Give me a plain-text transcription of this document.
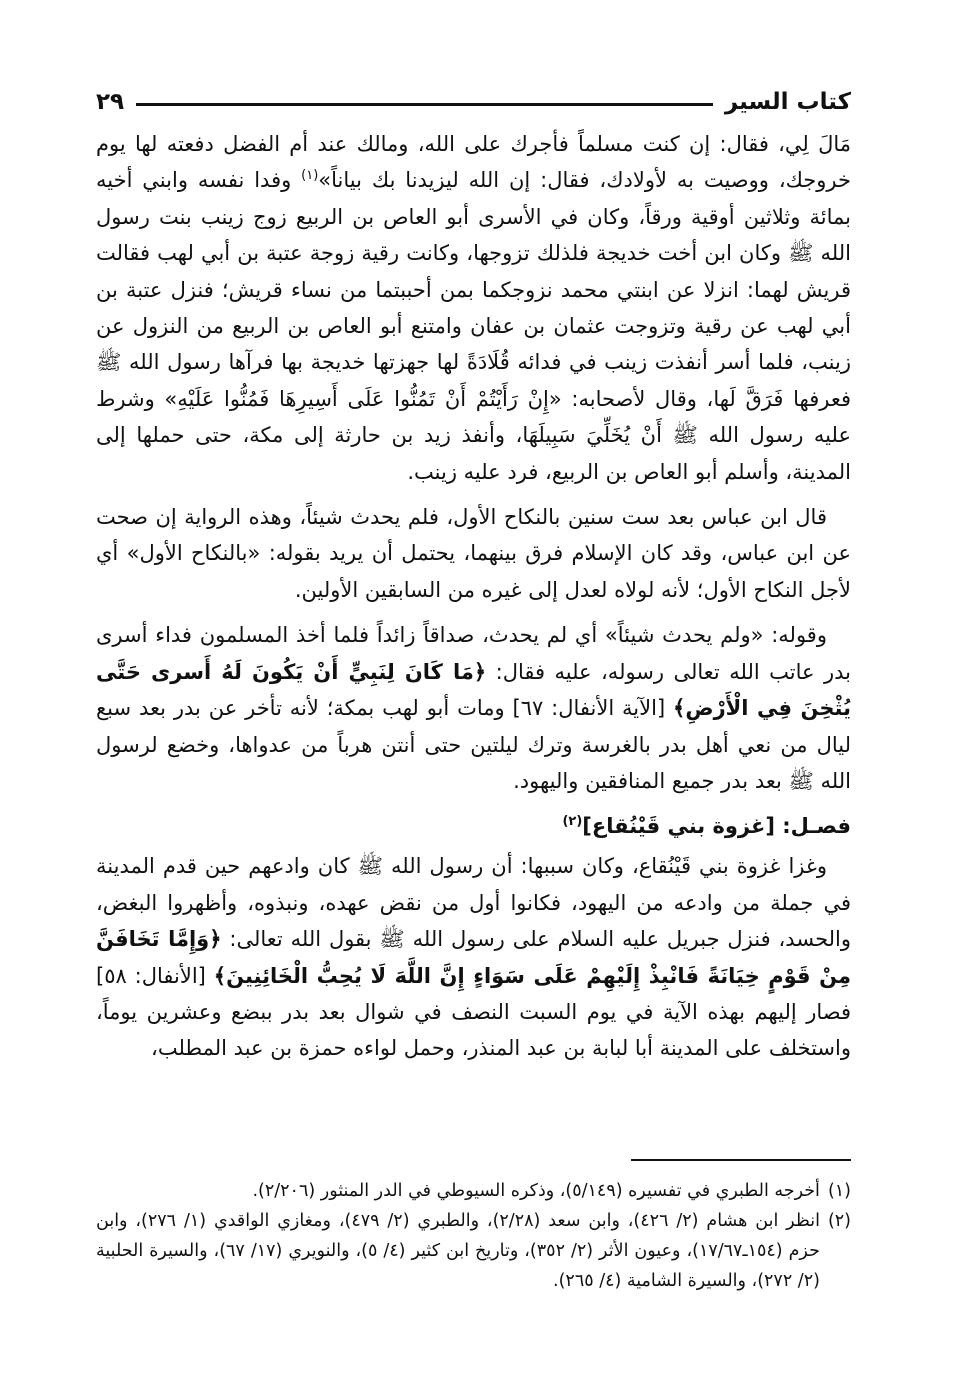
كتاب السير
٢٩

مَالَ لِي، فقال: إن كنت مسلماً فأجرك على الله، ومالك عند أم الفضل دفعته لها يوم خروجك، ووصيت به لأولادك، فقال: إن الله ليزيدنا بك بياناً»$^{(١)}$ وفدا نفسه وابني أخيه بمائة وثلاثين أوقية ورقاً، وكان في الأسرى أبو العاص بن الربيع زوج زينب بنت رسول الله ﷺ وكان ابن أخت خديجة فلذلك تزوجها، وكانت رقية زوجة عتبة بن أبي لهب فقالت قريش لهما: انزلا عن ابنتي محمد نزوجكما بمن أحببتما من نساء قريش؛ فنزل عتبة بن أبي لهب عن رقية وتزوجت عثمان بن عفان وامتنع أبو العاص بن الربيع من النزول عن زينب، فلما أسر أنفذت زينب في فدائه قُلَادَةً لها جهزتها خديجة بها فرآها رسول الله ﷺ فعرفها فَرَقَّ لَها، وقال لأصحابه: «إِنْ رَأَيْتُمْ أَنْ تَمُنُّوا عَلَى أَسِيرِهَا فَمُنُّوا عَلَيْهِ» وشرط عليه رسول الله ﷺ أَنْ يُخَلِّيَ سَبِيلَهَا، وأنفذ زيد بن حارثة إلى مكة، حتى حملها إلى المدينة، وأسلم أبو العاص بن الربيع، فرد عليه زينب.

قال ابن عباس بعد ست سنين بالنكاح الأول، فلم يحدث شيئاً، وهذه الرواية إن صحت عن ابن عباس، وقد كان الإسلام فرق بينهما، يحتمل أن يريد بقوله: «بالنكاح الأول» أي لأجل النكاح الأول؛ لأنه لولاه لعدل إلى غيره من السابقين الأولين.

وقوله: «ولم يحدث شيئاً» أي لم يحدث، صداقاً زائداً فلما أخذ المسلمون فداء أسرى بدر عاتب الله تعالى رسوله، عليه فقال: ﴿مَا كَانَ لِنَبِيٍّ أَنْ يَكُونَ لَهُ أَسرى حَتَّى يُثْخِنَ فِي الْأَرْضِ﴾ [الآية الأنفال: ٦٧] ومات أبو لهب بمكة؛ لأنه تأخر عن بدر بعد سبع ليال من نعي أهل بدر بالغرسة وترك ليلتين حتى أنتن هرباً من عدواها، وخضع لرسول الله ﷺ بعد بدر جميع المنافقين واليهود.

فصـل: [غزوة بني قَيْنُقاع]$^{(٢)}$

وغزا غزوة بني قَيْنُقاع، وكان سببها: أن رسول الله ﷺ كان وادعهم حين قدم المدينة في جملة من وادعه من اليهود، فكانوا أول من نقض عهده، ونبذوه، وأظهروا البغض، والحسد، فنزل جبريل عليه السلام على رسول الله ﷺ بقول الله تعالى: ﴿وَإِمَّا تَخَافَنَّ مِنْ قَوْمٍ خِيَانَةً فَانْبِذْ إِلَيْهِمْ عَلَى سَوَاءٍ إِنَّ اللَّهَ لَا يُحِبُّ الْخَائِنِينَ﴾ [الأنفال: ٥٨] فصار إليهم بهذه الآية في يوم السبت النصف في شوال بعد بدر ببضع وعشرين يوماً، واستخلف على المدينة أبا لبابة بن عبد المنذر، وحمل لواءه حمزة بن عبد المطلب،

(١)
أخرجه الطبري في تفسيره (٥/١٤٩)، وذكره السيوطي في الدر المنثور (٢/٢٠٦).

(٢)
انظر ابن هشام (٢/ ٤٢٦)، وابن سعد (٢/٢٨)، والطبري (٢/ ٤٧٩)، ومغازي الواقدي (١/ ٢٧٦)، وابن حزم (١٥٤ـ١٧/٦٧)، وعيون الأثر (٢/ ٣٥٢)، وتاريخ ابن كثير (٤/ ٥)، والنويري (١٧/ ٦٧)، والسيرة الحلبية (٢/ ٢٧٢)، والسيرة الشامية (٤/ ٢٦٥).
